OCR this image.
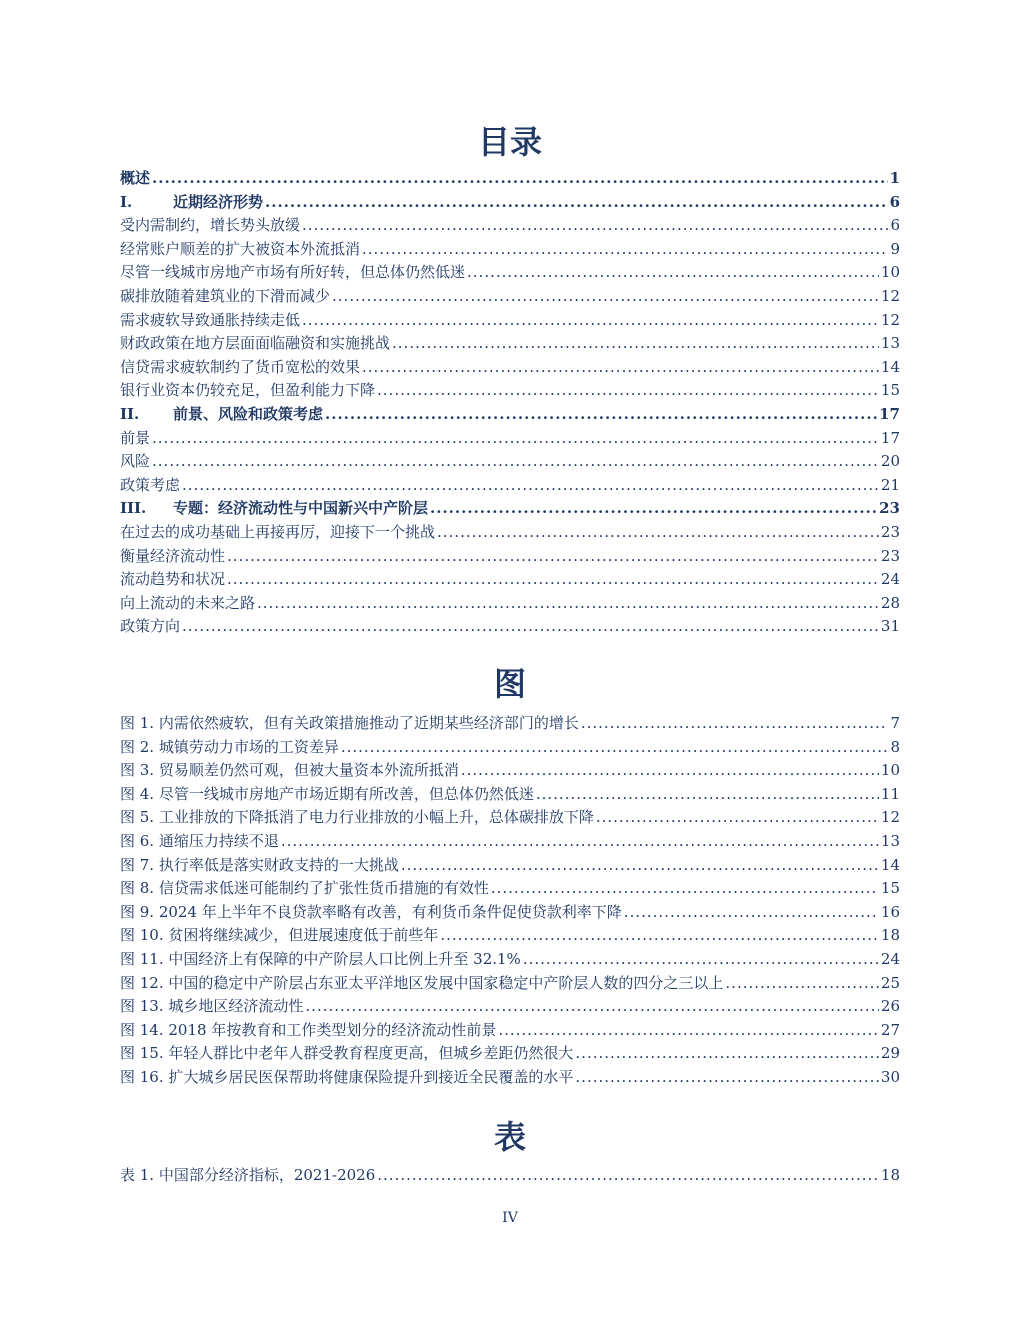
目录
概述 .....	1
I.	近期经济形势 .....	6
受内需制约，增长势头放缓 .....	6
经常账户顺差的扩大被资本外流抵消 .....	9
尽管一线城市房地产市场有所好转，但总体仍然低迷 .....	10
碳排放随着建筑业的下滑而减少 .....	12
需求疲软导致通胀持续走低 .....	12
财政政策在地方层面面临融资和实施挑战 .....	13
信贷需求疲软制约了货币宽松的效果 .....	14
银行业资本仍较充足，但盈利能力下降 .....	15
II.	前景、风险和政策考虑 .....	17
前景 .....	17
风险 .....	20
政策考虑 .....	21
III.	专题：经济流动性与中国新兴中产阶层 .....	23
在过去的成功基础上再接再厉，迎接下一个挑战 .....	23
衡量经济流动性 .....	23
流动趋势和状况 .....	24
向上流动的未来之路 .....	28
政策方向 .....	31
图
图 1. 内需依然疲软，但有关政策措施推动了近期某些经济部门的增长 .....	7
图 2. 城镇劳动力市场的工资差异 .....	8
图 3. 贸易顺差仍然可观，但被大量资本外流所抵消 .....	10
图 4. 尽管一线城市房地产市场近期有所改善，但总体仍然低迷 .....	11
图 5. 工业排放的下降抵消了电力行业排放的小幅上升，总体碳排放下降 .....	12
图 6. 通缩压力持续不退 .....	13
图 7. 执行率低是落实财政支持的一大挑战 .....	14
图 8. 信贷需求低迷可能制约了扩张性货币措施的有效性 .....	15
图 9. 2024 年上半年不良贷款率略有改善，有利货币条件促使贷款利率下降 .....	16
图 10. 贫困将继续减少，但进展速度低于前些年 .....	18
图 11. 中国经济上有保障的中产阶层人口比例上升至 32.1% .....	24
图 12. 中国的稳定中产阶层占东亚太平洋地区发展中国家稳定中产阶层人数的四分之三以上 .....	25
图 13. 城乡地区经济流动性 .....	26
图 14. 2018 年按教育和工作类型划分的经济流动性前景 .....	27
图 15. 年轻人群比中老年人群受教育程度更高，但城乡差距仍然很大 .....	29
图 16. 扩大城乡居民医保帮助将健康保险提升到接近全民覆盖的水平 .....	30
表
表 1. 中国部分经济指标，2021-2026 .....	18
IV
